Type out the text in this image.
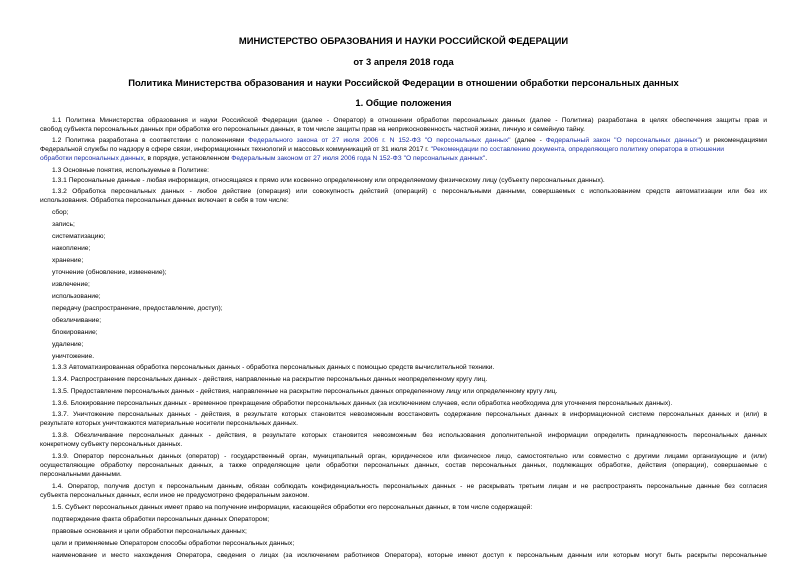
МИНИСТЕРСТВО ОБРАЗОВАНИЯ И НАУКИ РОССИЙСКОЙ ФЕДЕРАЦИИ
от 3 апреля 2018 года
Политика Министерства образования и науки Российской Федерации в отношении обработки персональных данных
1. Общие положения
1.1 Политика Министерства образования и науки Российской Федерации (далее - Оператор) в отношении обработки персональных данных (далее - Политика) разработана в целях обеспечения защиты прав и
свобод субъекта персональных данных при обработке его персональных данных, в том числе защиты прав на неприкосновенность частной жизни, личную и семейную тайну.
1.2 Политика разработана в соответствии с положениями Федерального закона от 27 июля 2006 г. N 152-ФЗ "О персональных данных" (далее - Федеральный закон "О персональных данных") и рекомендациями
Федеральной службы по надзору в сфере связи, информационных технологий и массовых коммуникаций от 31 июля 2017 г. "Рекомендации по составлению документа, определяющего политику оператора в отношении
обработки персональных данных, в порядке, установленном Федеральным законом от 27 июля 2006 года N 152-ФЗ "О персональных данных".
1.3 Основные понятия, используемые в Политике:
1.3.1 Персональные данные - любая информация, относящаяся к прямо или косвенно определенному или определяемому физическому лицу (субъекту персональных данных).
1.3.2 Обработка персональных данных - любое действие (операция) или совокупность действий (операций) с персональными данными, совершаемых с использованием средств автоматизации или без их
использования. Обработка персональных данных включает в себя в том числе:
сбор;
запись;
систематизацию;
накопление;
хранение;
уточнение (обновление, изменение);
извлечение;
использование;
передачу (распространение, предоставление, доступ);
обезличивание;
блокирование;
удаление;
уничтожение.
1.3.3 Автоматизированная обработка персональных данных - обработка персональных данных с помощью средств вычислительной техники.
1.3.4. Распространение персональных данных - действия, направленные на раскрытие персональных данных неопределенному кругу лиц.
1.3.5. Предоставление персональных данных - действия, направленные на раскрытие персональных данных определенному лицу или определенному кругу лиц.
1.3.6. Блокирование персональных данных - временное прекращение обработки персональных данных (за исключением случаев, если обработка необходима для уточнения персональных данных).
1.3.7. Уничтожение персональных данных - действия, в результате которых становится невозможным восстановить содержание персональных данных в информационной системе персональных данных и (или) в
результате которых уничтожаются материальные носители персональных данных.
1.3.8. Обезличивание персональных данных - действия, в результате которых становится невозможным без использования дополнительной информации определить принадлежность персональных данных
конкретному субъекту персональных данных.
1.3.9. Оператор персональных данных (оператор) - государственный орган, муниципальный орган, юридическое или физическое лицо, самостоятельно или совместно с другими лицами организующие и (или)
осуществляющие обработку персональных данных, а также определяющие цели обработки персональных данных, состав персональных данных, подлежащих обработке, действия (операции), совершаемые с
персональными данными.
1.4. Оператор, получив доступ к персональным данным, обязан соблюдать конфиденциальность персональных данных - не раскрывать третьим лицам и не распространять персональные данные без согласия
субъекта персональных данных, если иное не предусмотрено федеральным законом.
1.5. Субъект персональных данных имеет право на получение информации, касающейся обработки его персональных данных, в том числе содержащей:
подтверждение факта обработки персональных данных Оператором;
правовые основания и цели обработки персональных данных;
цели и применяемые Оператором способы обработки персональных данных;
наименование и место нахождения Оператора, сведения о лицах (за исключением работников Оператора), которые имеют доступ к персональным данным или которым могут быть раскрыты персональные
